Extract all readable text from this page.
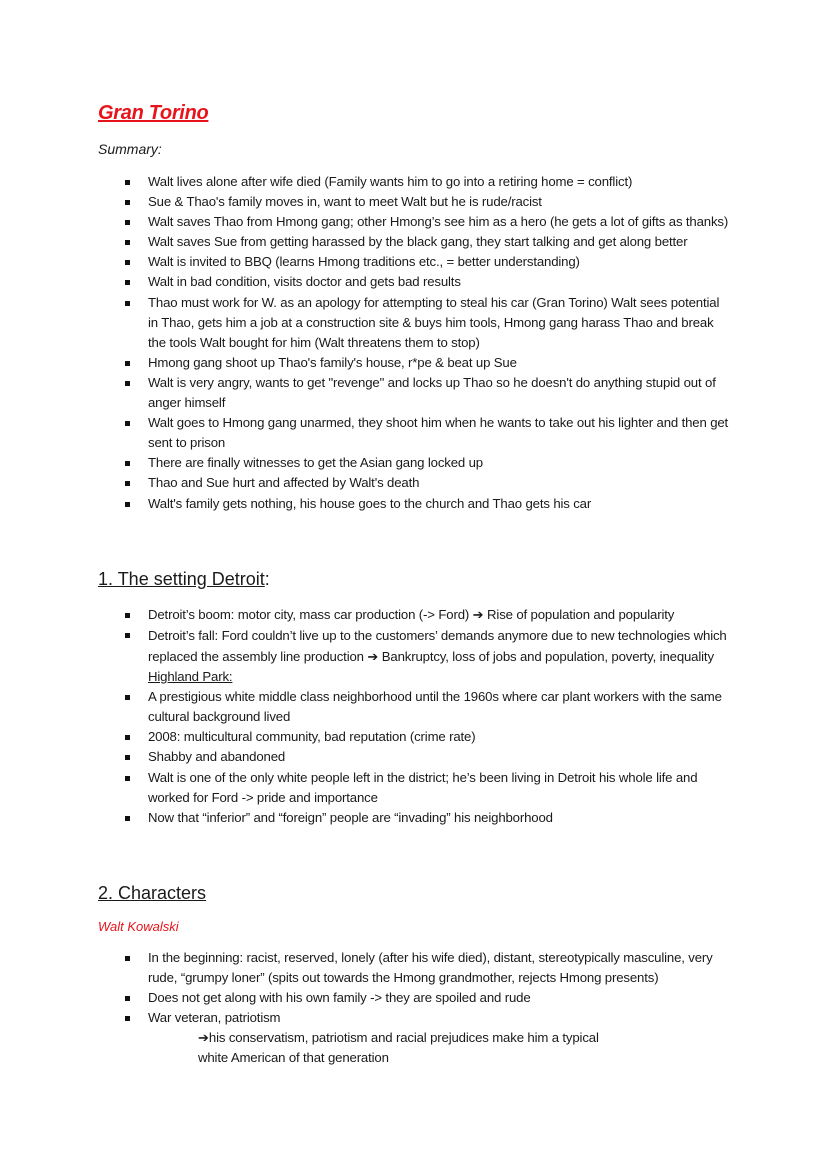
Gran Torino
Summary:
Walt lives alone after wife died (Family wants him to go into a retiring home = conflict)
Sue & Thao's family moves in, want to meet Walt but he is rude/racist
Walt saves Thao from Hmong gang; other Hmong’s see him as a hero (he gets a lot of gifts as thanks)
Walt saves Sue from getting harassed by the black gang, they start talking and get along better
Walt is invited to BBQ (learns Hmong traditions etc., = better understanding)
Walt in bad condition, visits doctor and gets bad results
Thao must work for W. as an apology for attempting to steal his car (Gran Torino) Walt sees potential in Thao, gets him a job at a construction site & buys him tools, Hmong gang harass Thao and break the tools Walt bought for him (Walt threatens them to stop)
Hmong gang shoot up Thao's family's house, r*pe & beat up Sue
Walt is very angry, wants to get "revenge" and locks up Thao so he doesn't do anything stupid out of anger himself
Walt goes to Hmong gang unarmed, they shoot him when he wants to take out his lighter and then get sent to prison
There are finally witnesses to get the Asian gang locked up
Thao and Sue hurt and affected by Walt's death
Walt's family gets nothing, his house goes to the church and Thao gets his car
1. The setting Detroit:
Detroit’s boom: motor city, mass car production (-> Ford) ➔ Rise of population and popularity
Detroit’s fall: Ford couldn’t live up to the customers’ demands anymore due to new technologies which replaced the assembly line production ➔ Bankruptcy, loss of jobs and population, poverty, inequality
Highland Park:
A prestigious white middle class neighborhood until the 1960s where car plant workers with the same cultural background lived
2008: multicultural community, bad reputation (crime rate)
Shabby and abandoned
Walt is one of the only white people left in the district; he’s been living in Detroit his whole life and worked for Ford -> pride and importance
Now that “inferior” and “foreign” people are “invading” his neighborhood
2. Characters
Walt Kowalski
In the beginning: racist, reserved, lonely (after his wife died), distant, stereotypically masculine, very rude, “grumpy loner” (spits out towards the Hmong grandmother, rejects Hmong presents)
Does not get along with his own family -> they are spoiled and rude
War veteran, patriotism
➔his conservatism, patriotism and racial prejudices make him a typical white American of that generation
